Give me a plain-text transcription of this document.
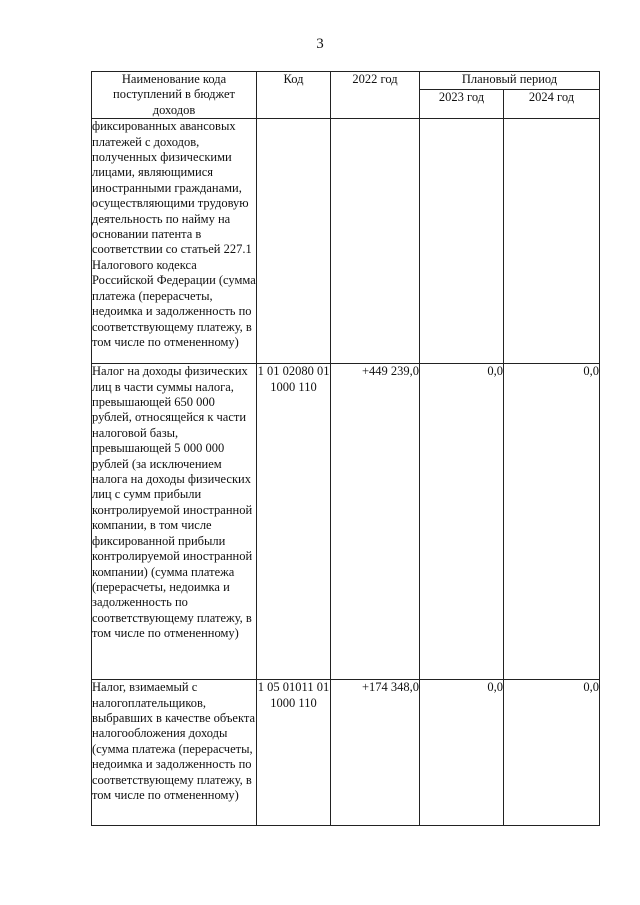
3
Наименование кода поступлений в бюджет доходов	Код	2022 год	Плановый период	
			2023 год	2024 год

фиксированных авансовых платежей с доходов, полученных физическими лицами, являющимися иностранными гражданами, осуществляющими трудовую деятельность по найму на основании патента в соответствии со статьей 227.1 Налогового кодекса Российской Федерации (сумма платежа (перерасчеты, недоимка и задолженность по соответствующему платежу, в том числе по отмененному)				

Налог на доходы физических лиц в части суммы налога, превышающей 650 000 рублей, относящейся к части налоговой базы, превышающей 5 000 000 рублей (за исключением налога на доходы физических лиц с сумм прибыли контролируемой иностранной компании, в том числе фиксированной прибыли контролируемой иностранной компании) (сумма платежа (перерасчеты, недоимка и задолженность по соответствующему платежу, в том числе по отмененному)	1 01 02080 01 1000 110	+449 239,0	0,0	0,0

Налог, взимаемый с налогоплательщиков, выбравших в качестве объекта налогообложения доходы (сумма платежа (перерасчеты, недоимка и задолженность по соответствующему платежу, в том числе по отмененному)	1 05 01011 01 1000 110	+174 348,0	0,0	0,0
